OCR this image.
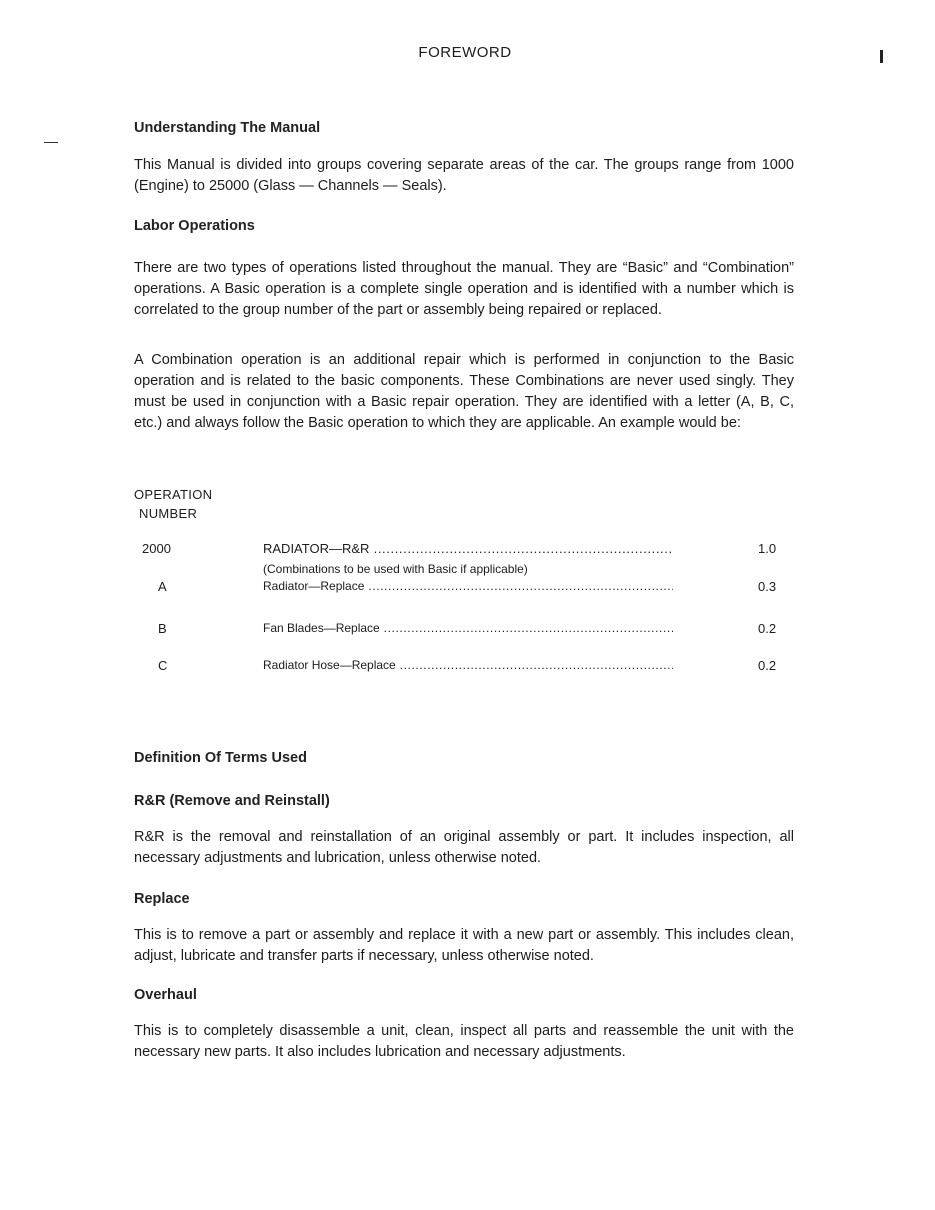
FOREWORD
Understanding The Manual

This Manual is divided into groups covering separate areas of the car. The groups range from 1000 (Engine) to 25000 (Glass — Channels — Seals).

Labor Operations

There are two types of operations listed throughout the manual. They are “Basic” and “Combination” operations. A Basic operation is a complete single operation and is identified with a number which is correlated to the group number of the part or assembly being repaired or replaced.

A Combination operation is an additional repair which is performed in conjunction to the Basic operation and is related to the basic components. These Combinations are never used singly. They must be used in conjunction with a Basic repair operation. They are identified with a letter (A, B, C, etc.) and always follow the Basic operation to which they are applicable. An example would be:

OPERATION
NUMBER
2000	RADIATOR—R&R .....	1.0
(Combinations to be used with Basic if applicable)
A	Radiator—Replace .....	0.3
B	Fan Blades—Replace .....	0.2
C	Radiator Hose—Replace .....	0.2
Definition Of Terms Used
R&R (Remove and Reinstall)

R&R is the removal and reinstallation of an original assembly or part. It includes inspection, all necessary adjustments and lubrication, unless otherwise noted.

Replace

This is to remove a part or assembly and replace it with a new part or assembly. This includes clean, adjust, lubricate and transfer parts if necessary, unless otherwise noted.

Overhaul

This is to completely disassemble a unit, clean, inspect all parts and reassemble the unit with the necessary new parts. It also includes lubrication and necessary adjustments.
